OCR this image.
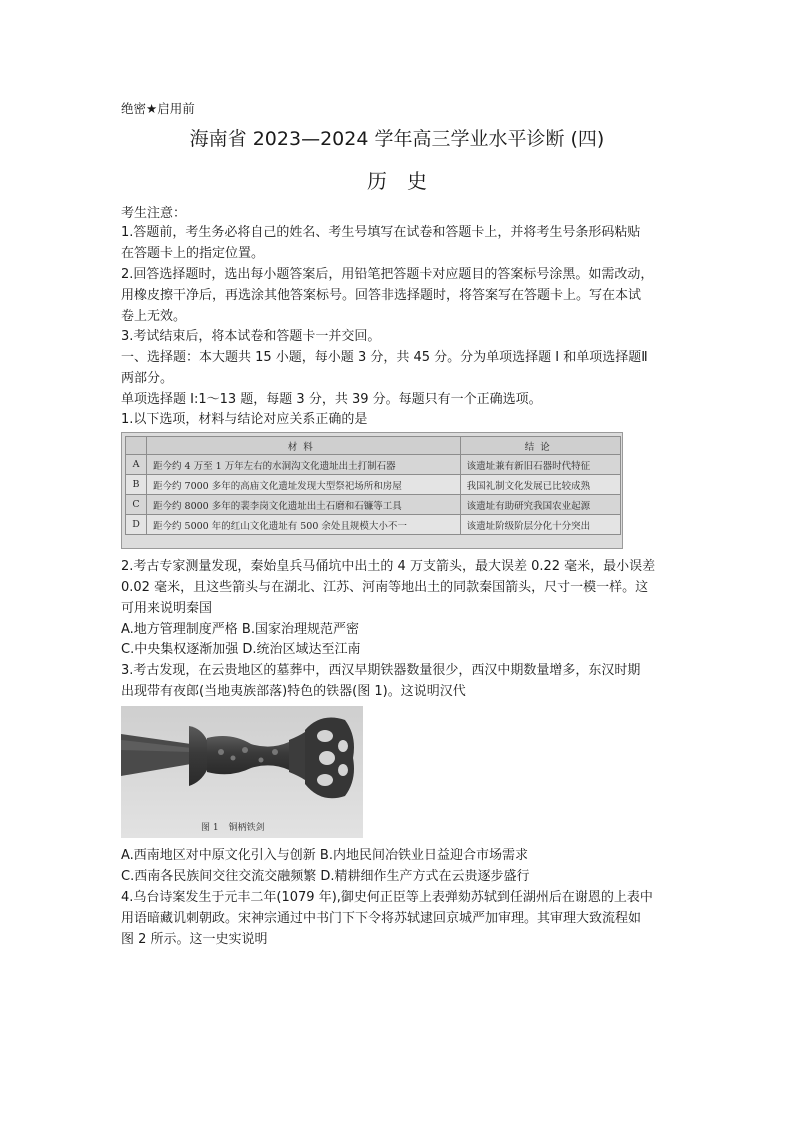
绝密★启用前
海南省 2023—2024 学年高三学业水平诊断 (四)
历史
考生注意：
1.答题前，考生务必将自己的姓名、考生号填写在试卷和答题卡上，并将考生号条形码粘贴
在答题卡上的指定位置。
2.回答选择题时，选出每小题答案后，用铅笔把答题卡对应题目的答案标号涂黑。如需改动，
用橡皮擦干净后，再选涂其他答案标号。回答非选择题时，将答案写在答题卡上。写在本试
卷上无效。
3.考试结束后，将本试卷和答题卡一并交回。
一、选择题：本大题共 15 小题，每小题 3 分，共 45 分。分为单项选择题 I 和单项选择题Ⅱ
两部分。
单项选择题 I:1～13 题，每题 3 分，共 39 分。每题只有一个正确选项。
1.以下选项，材料与结论对应关系正确的是
	材料	结论
A	距今约 4 万至 1 万年左右的水洞沟文化遗址出土打制石器	该遗址兼有新旧石器时代特征
B	距今约 7000 多年的高庙文化遗址发现大型祭祀场所和房屋	我国礼制文化发展已比较成熟
C	距今约 8000 多年的裴李岗文化遗址出土石磨和石镰等工具	该遗址有助研究我国农业起源
D	距今约 5000 年的红山文化遗址有 500 余处且规模大小不一	该遗址阶级阶层分化十分突出
2.考古专家测量发现，秦始皇兵马俑坑中出土的 4 万支箭头，最大误差 0.22 毫米，最小误差
0.02 毫米，且这些箭头与在湖北、江苏、河南等地出土的同款秦国箭头，尺寸一模一样。这
可用来说明秦国
A.地方管理制度严格 B.国家治理规范严密
C.中央集权逐渐加强 D.统治区域达至江南
3.考古发现，在云贵地区的墓葬中，西汉早期铁器数量很少，西汉中期数量增多，东汉时期
出现带有夜郎(当地夷族部落)特色的铁器(图 1)。这说明汉代
图 1 铜柄铁剑
A.西南地区对中原文化引入与创新 B.内地民间冶铁业日益迎合市场需求
C.西南各民族间交往交流交融频繁 D.精耕细作生产方式在云贵逐步盛行
4.乌台诗案发生于元丰二年(1079 年),御史何正臣等上表弹劾苏轼到任湖州后在谢恩的上表中
用语暗藏讥刺朝政。宋神宗通过中书门下下令将苏轼逮回京城严加审理。其审理大致流程如
图 2 所示。这一史实说明
